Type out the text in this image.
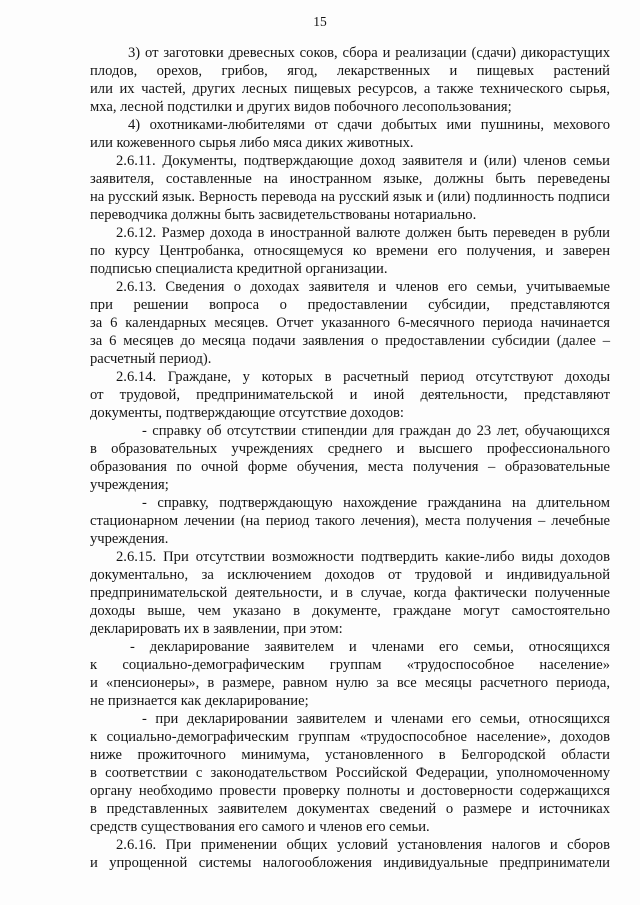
15
3) от заготовки древесных соков, сбора и реализации (сдачи) дикорастущих
плодов, орехов, грибов, ягод, лекарственных и пищевых растений
или их частей, других лесных пищевых ресурсов, а также технического сырья,
мха, лесной подстилки и других видов побочного лесопользования;
4) охотниками-любителями от сдачи добытых ими пушнины, мехового
или кожевенного сырья либо мяса диких животных.
2.6.11. Документы, подтверждающие доход заявителя и (или) членов семьи
заявителя, составленные на иностранном языке, должны быть переведены
на русский язык. Верность перевода на русский язык и (или) подлинность подписи
переводчика должны быть засвидетельствованы нотариально.
2.6.12. Размер дохода в иностранной валюте должен быть переведен в рубли
по курсу Центробанка, относящемуся ко времени его получения, и заверен
подписью специалиста кредитной организации.
2.6.13. Сведения о доходах заявителя и членов его семьи, учитываемые
при решении вопроса о предоставлении субсидии, представляются
за 6 календарных месяцев. Отчет указанного 6-месячного периода начинается
за 6 месяцев до месяца подачи заявления о предоставлении субсидии (далее –
расчетный период).
2.6.14. Граждане, у которых в расчетный период отсутствуют доходы
от трудовой, предпринимательской и иной деятельности, представляют
документы, подтверждающие отсутствие доходов:
- справку об отсутствии стипендии для граждан до 23 лет, обучающихся
в образовательных учреждениях среднего и высшего профессионального
образования по очной форме обучения, места получения – образовательные
учреждения;
- справку, подтверждающую нахождение гражданина на длительном
стационарном лечении (на период такого лечения), места получения – лечебные
учреждения.
2.6.15. При отсутствии возможности подтвердить какие-либо виды доходов
документально, за исключением доходов от трудовой и индивидуальной
предпринимательской деятельности, и в случае, когда фактически полученные
доходы выше, чем указано в документе, граждане могут самостоятельно
декларировать их в заявлении, при этом:
- декларирование заявителем и членами его семьи, относящихся
к социально-демографическим группам «трудоспособное население»
и «пенсионеры», в размере, равном нулю за все месяцы расчетного периода,
не признается как декларирование;
- при декларировании заявителем и членами его семьи, относящихся
к социально-демографическим группам «трудоспособное население», доходов
ниже прожиточного минимума, установленного в Белгородской области
в соответствии с законодательством Российской Федерации, уполномоченному
органу необходимо провести проверку полноты и достоверности содержащихся
в представленных заявителем документах сведений о размере и источниках
средств существования его самого и членов его семьи.
2.6.16. При применении общих условий установления налогов и сборов
и упрощенной системы налогообложения индивидуальные предприниматели
